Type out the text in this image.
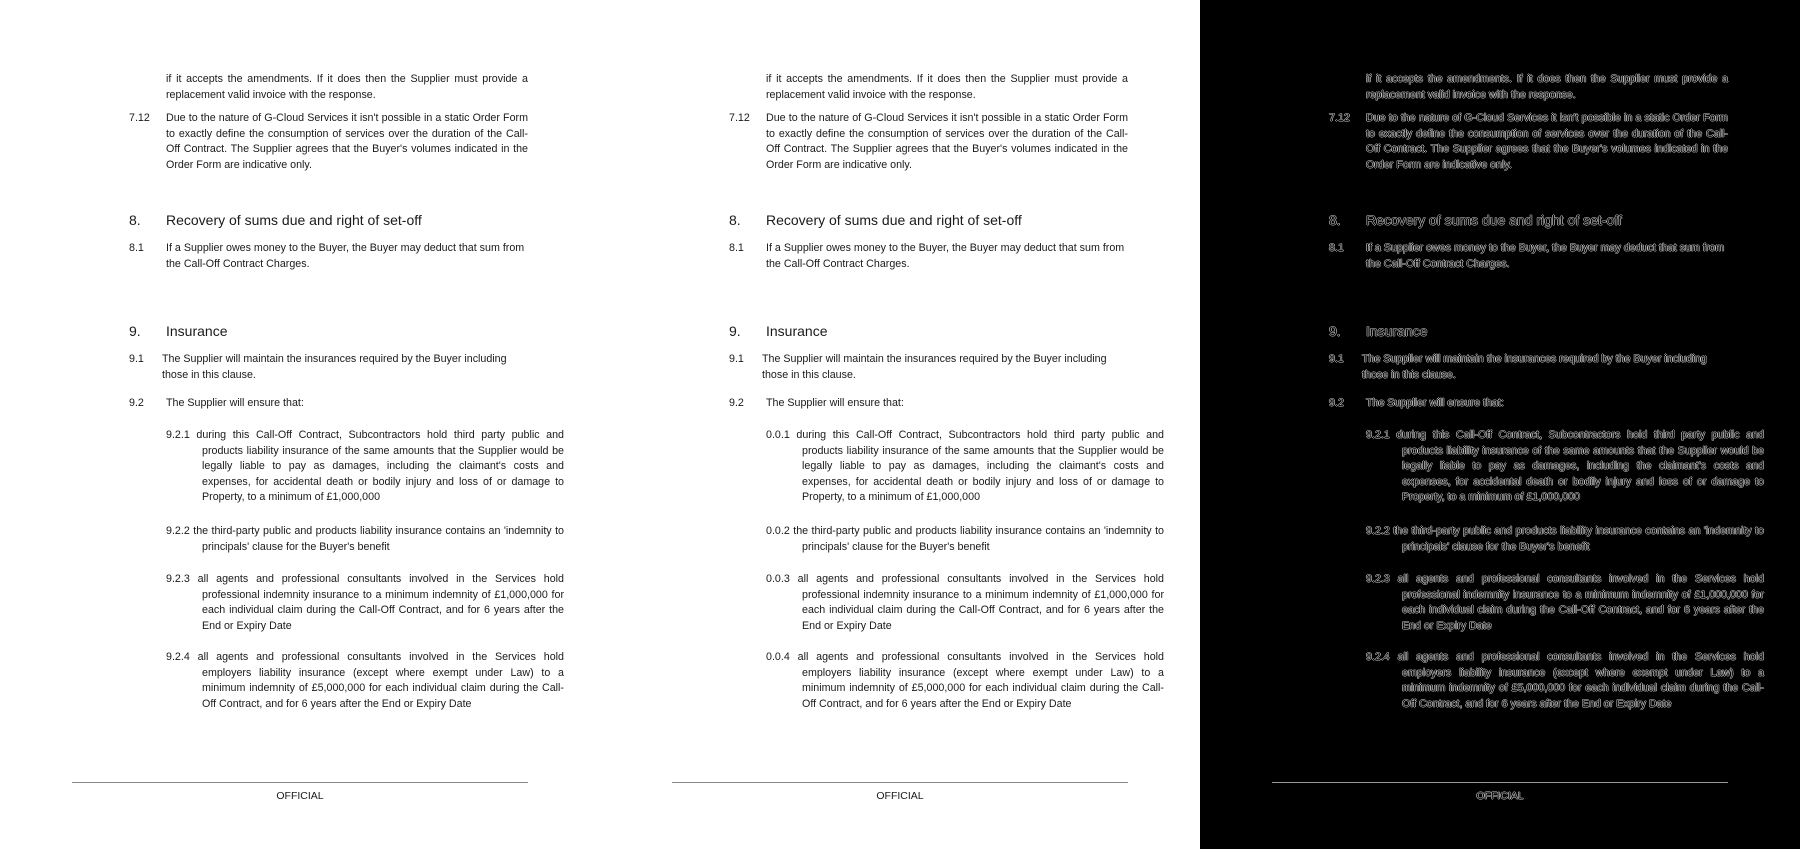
if it accepts the amendments. If it does then the Supplier must provide a replacement valid invoice with the response.
7.12 Due to the nature of G-Cloud Services it isn't possible in a static Order Form to exactly define the consumption of services over the duration of the Call-Off Contract. The Supplier agrees that the Buyer's volumes indicated in the Order Form are indicative only.
8. Recovery of sums due and right of set-off
8.1 If a Supplier owes money to the Buyer, the Buyer may deduct that sum from the Call-Off Contract Charges.
9. Insurance
9.1 The Supplier will maintain the insurances required by the Buyer including those in this clause.
9.2 The Supplier will ensure that:
9.2.1 during this Call-Off Contract, Subcontractors hold third party public and products liability insurance of the same amounts that the Supplier would be legally liable to pay as damages, including the claimant's costs and expenses, for accidental death or bodily injury and loss of or damage to Property, to a minimum of £1,000,000
9.2.2 the third-party public and products liability insurance contains an 'indemnity to principals' clause for the Buyer's benefit
9.2.3 all agents and professional consultants involved in the Services hold professional indemnity insurance to a minimum indemnity of £1,000,000 for each individual claim during the Call-Off Contract, and for 6 years after the End or Expiry Date
9.2.4 all agents and professional consultants involved in the Services hold employers liability insurance (except where exempt under Law) to a minimum indemnity of £5,000,000 for each individual claim during the Call-Off Contract, and for 6 years after the End or Expiry Date
OFFICIAL
if it accepts the amendments. If it does then the Supplier must provide a replacement valid invoice with the response.
7.12 Due to the nature of G-Cloud Services it isn't possible in a static Order Form to exactly define the consumption of services over the duration of the Call-Off Contract. The Supplier agrees that the Buyer's volumes indicated in the Order Form are indicative only.
8. Recovery of sums due and right of set-off
8.1 If a Supplier owes money to the Buyer, the Buyer may deduct that sum from the Call-Off Contract Charges.
9. Insurance
9.1 The Supplier will maintain the insurances required by the Buyer including those in this clause.
9.2 The Supplier will ensure that:
0.0.1 during this Call-Off Contract, Subcontractors hold third party public and products liability insurance of the same amounts that the Supplier would be legally liable to pay as damages, including the claimant's costs and expenses, for accidental death or bodily injury and loss of or damage to Property, to a minimum of £1,000,000
0.0.2 the third-party public and products liability insurance contains an 'indemnity to principals' clause for the Buyer's benefit
0.0.3 all agents and professional consultants involved in the Services hold professional indemnity insurance to a minimum indemnity of £1,000,000 for each individual claim during the Call-Off Contract, and for 6 years after the End or Expiry Date
0.0.4 all agents and professional consultants involved in the Services hold employers liability insurance (except where exempt under Law) to a minimum indemnity of £5,000,000 for each individual claim during the Call-Off Contract, and for 6 years after the End or Expiry Date
OFFICIAL
if it accepts the amendments. If it does then the Supplier must provide a replacement valid invoice with the response.
7.12 Due to the nature of G-Cloud Services it isn't possible in a static Order Form to exactly define the consumption of services over the duration of the Call-Off Contract. The Supplier agrees that the Buyer's volumes indicated in the Order Form are indicative only.
8. Recovery of sums due and right of set-off
8.1 If a Supplier owes money to the Buyer, the Buyer may deduct that sum from the Call-Off Contract Charges.
9. Insurance
9.1 The Supplier will maintain the insurances required by the Buyer including those in this clause.
9.2 The Supplier will ensure that:
9.2.1 during this Call-Off Contract, Subcontractors hold third party public and products liability insurance of the same amounts that the Supplier would be legally liable to pay as damages, including the claimant's costs and expenses, for accidental death or bodily injury and loss of or damage to Property, to a minimum of £1,000,000
9.2.2 the third-party public and products liability insurance contains an 'indemnity to principals' clause for the Buyer's benefit
9.2.3 all agents and professional consultants involved in the Services hold professional indemnity insurance to a minimum indemnity of £1,000,000 for each individual claim during the Call-Off Contract, and for 6 years after the End or Expiry Date
9.2.4 all agents and professional consultants involved in the Services hold employers liability insurance (except where exempt under Law) to a minimum indemnity of £5,000,000 for each individual claim during the Call-Off Contract, and for 6 years after the End or Expiry Date
OFFICIAL
